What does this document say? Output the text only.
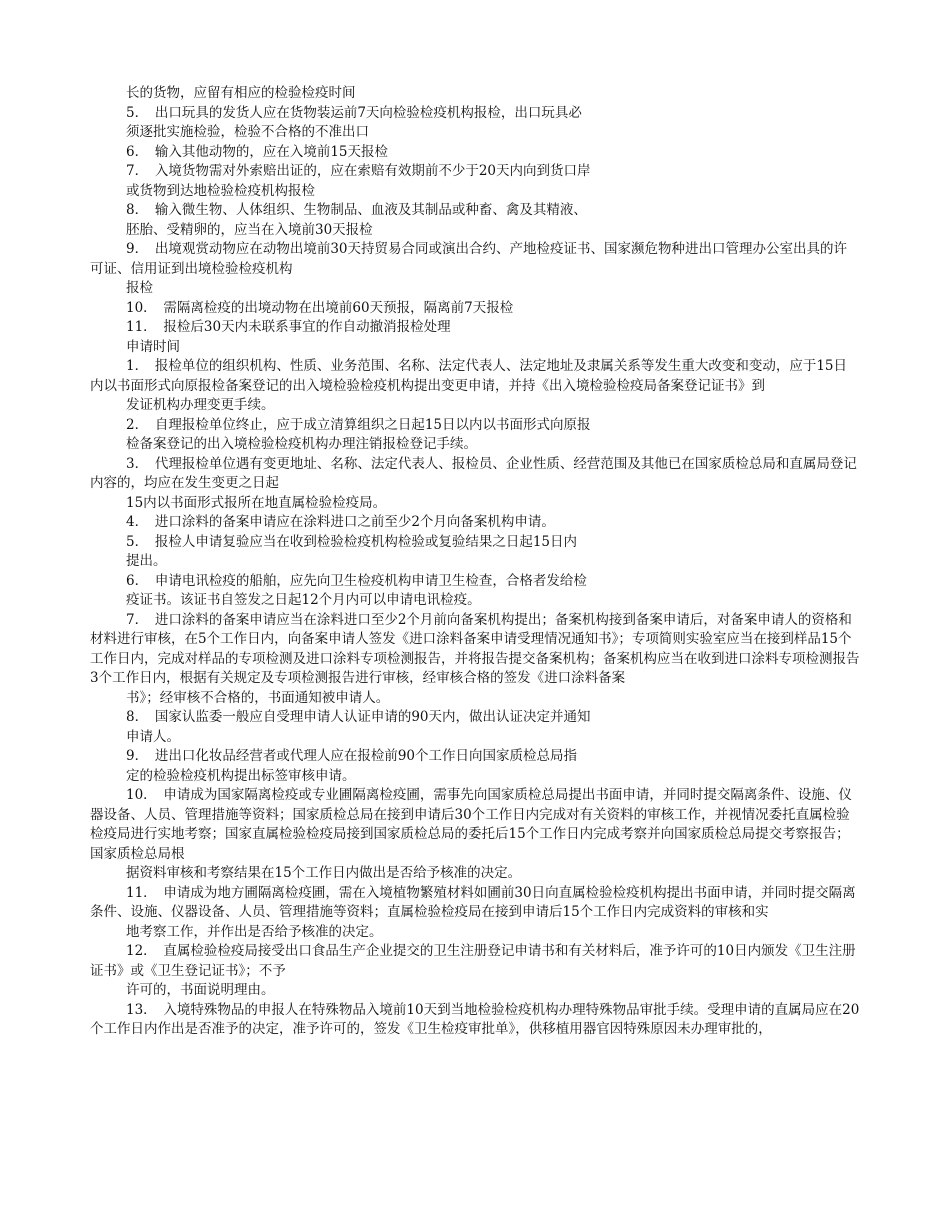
长的货物，应留有相应的检验检疫时间

5．　出口玩具的发货人应在货物装运前7天向检验检疫机构报检，出口玩具必

须逐批实施检验，检验不合格的不准出口

6．　输入其他动物的，应在入境前15天报检

7．　入境货物需对外索赔出证的，应在索赔有效期前不少于20天内向到货口岸

或货物到达地检验检疫机构报检

8．　输入微生物、人体组织、生物制品、血液及其制品或种畜、禽及其精液、

胚胎、受精卵的，应当在入境前30天报检

9．　出境观赏动物应在动物出境前30天持贸易合同或演出合约、产地检疫证书、国家濒危物种进出口管理办公室出具的许可证、信用证到出境检验检疫机构

报检

10．　需隔离检疫的出境动物在出境前60天预报，隔离前7天报检

11．　报检后30天内未联系事宜的作自动撤消报检处理

申请时间

1．　报检单位的组织机构、性质、业务范围、名称、法定代表人、法定地址及隶属关系等发生重大改变和变动，应于15日内以书面形式向原报检备案登记的出入境检验检疫机构提出变更申请，并持《出入境检验检疫局备案登记证书》到

发证机构办理变更手续。

2．　自理报检单位终止，应于成立清算组织之日起15日以内以书面形式向原报

检备案登记的出入境检验检疫机构办理注销报检登记手续。

3．　代理报检单位遇有变更地址、名称、法定代表人、报检员、企业性质、经营范围及其他已在国家质检总局和直属局登记内容的，均应在发生变更之日起

15内以书面形式报所在地直属检验检疫局。

4．　进口涂料的备案申请应在涂料进口之前至少2个月向备案机构申请。

5．　报检人申请复验应当在收到检验检疫机构检验或复验结果之日起15日内

提出。

6．　申请电讯检疫的船舶，应先向卫生检疫机构申请卫生检查，合格者发给检

疫证书。该证书自签发之日起12个月内可以申请电讯检疫。

7．　进口涂料的备案申请应当在涂料进口至少2个月前向备案机构提出；备案机构接到备案申请后，对备案申请人的资格和材料进行审核，在5个工作日内，向备案申请人签发《进口涂料备案申请受理情况通知书》；专项简则实验室应当在接到样品15个工作日内，完成对样品的专项检测及进口涂料专项检测报告，并将报告提交备案机构；备案机构应当在收到进口涂料专项检测报告3个工作日内，根据有关规定及专项检测报告进行审核，经审核合格的签发《进口涂料备案

书》；经审核不合格的，书面通知被申请人。

8．　国家认监委一般应自受理申请人认证申请的90天内，做出认证决定并通知

申请人。

9．　进出口化妆品经营者或代理人应在报检前90个工作日向国家质检总局指

定的检验检疫机构提出标签审核申请。

10．　申请成为国家隔离检疫或专业圃隔离检疫圃，需事先向国家质检总局提出书面申请，并同时提交隔离条件、设施、仪器设备、人员、管理措施等资料；国家质检总局在接到申请后30个工作日内完成对有关资料的审核工作，并视情况委托直属检验检疫局进行实地考察；国家直属检验检疫局接到国家质检总局的委托后15个工作日内完成考察并向国家质检总局提交考察报告；国家质检总局根

据资料审核和考察结果在15个工作日内做出是否给予核准的决定。

11．　申请成为地方圃隔离检疫圃，需在入境植物繁殖材料如圃前30日向直属检验检疫机构提出书面申请，并同时提交隔离条件、设施、仪器设备、人员、管理措施等资料；直属检验检疫局在接到申请后15个工作日内完成资料的审核和实

地考察工作，并作出是否给予核准的决定。

12．　直属检验检疫局接受出口食品生产企业提交的卫生注册登记申请书和有关材料后，准予许可的10日内颁发《卫生注册证书》或《卫生登记证书》；不予

许可的，书面说明理由。

13．　入境特殊物品的申报人在特殊物品入境前10天到当地检验检疫机构办理特殊物品审批手续。受理申请的直属局应在20个工作日内作出是否准予的决定，准予许可的，签发《卫生检疫审批单》，供移植用器官因特殊原因未办理审批的，
